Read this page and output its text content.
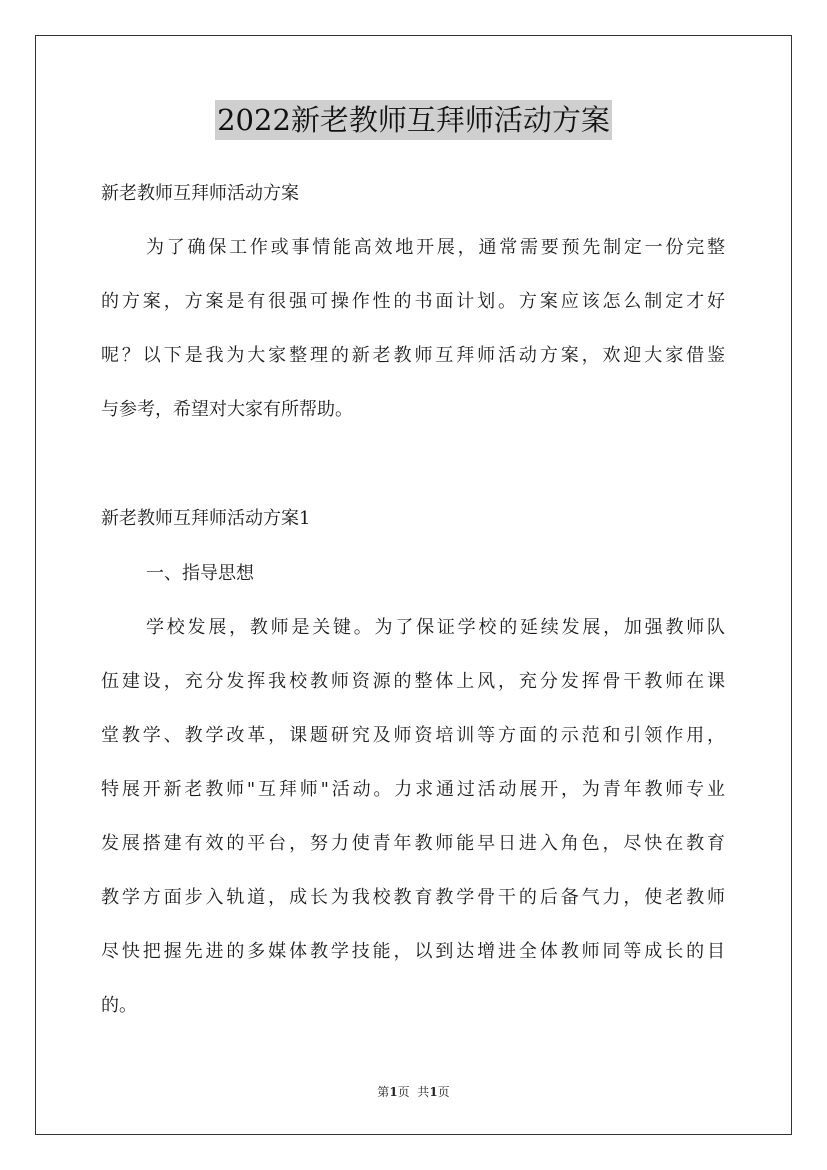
2022新老教师互拜师活动方案
新老教师互拜师活动方案
为了确保工作或事情能高效地开展，通常需要预先制定一份完整
的方案，方案是有很强可操作性的书面计划。方案应该怎么制定才好
呢？以下是我为大家整理的新老教师互拜师活动方案，欢迎大家借鉴
与参考，希望对大家有所帮助。
新老教师互拜师活动方案1
一、指导思想
学校发展，教师是关键。为了保证学校的延续发展，加强教师队
伍建设，充分发挥我校教师资源的整体上风，充分发挥骨干教师在课
堂教学、教学改革，课题研究及师资培训等方面的示范和引领作用，
特展开新老教师"互拜师"活动。力求通过活动展开，为青年教师专业
发展搭建有效的平台，努力使青年教师能早日进入角色，尽快在教育
教学方面步入轨道，成长为我校教育教学骨干的后备气力，使老教师
尽快把握先进的多媒体教学技能，以到达增进全体教师同等成长的目
的。
第1页  共1页
